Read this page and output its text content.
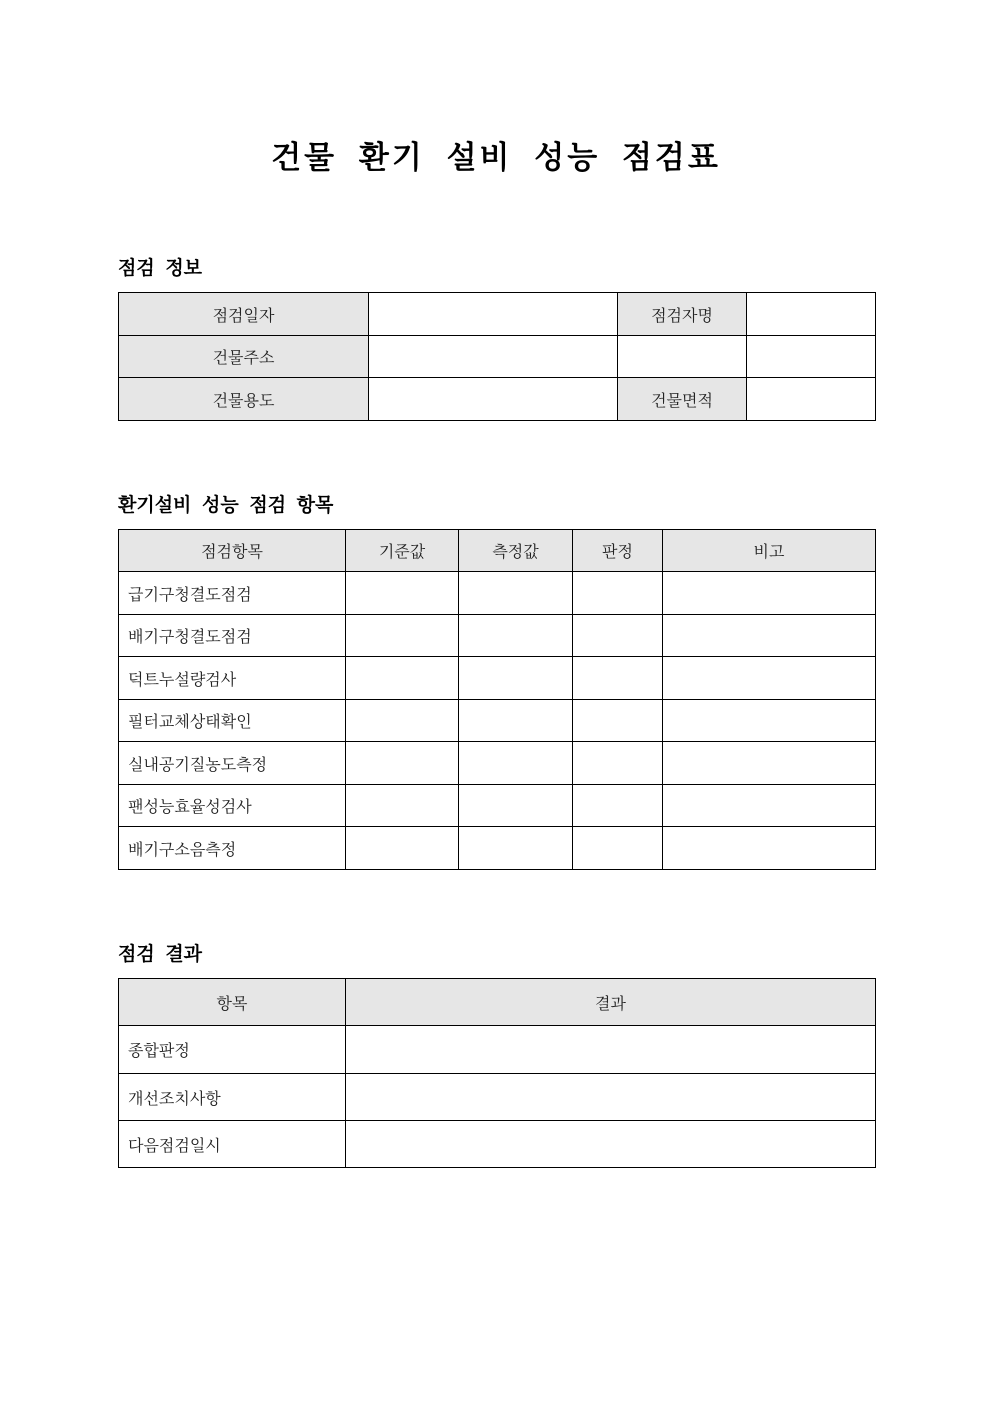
건물 환기 설비 성능 점검표
점검 정보
점검일자		점검자명	
건물주소			
건물용도		건물면적	
환기설비 성능 점검 항목
점검항목	기준값	측정값	판정	비고
급기구청결도점검				
배기구청결도점검				
덕트누설량검사				
필터교체상태확인				
실내공기질농도측정				
팬성능효율성검사				
배기구소음측정				
점검 결과
항목	결과
종합판정	
개선조치사항	
다음점검일시	
